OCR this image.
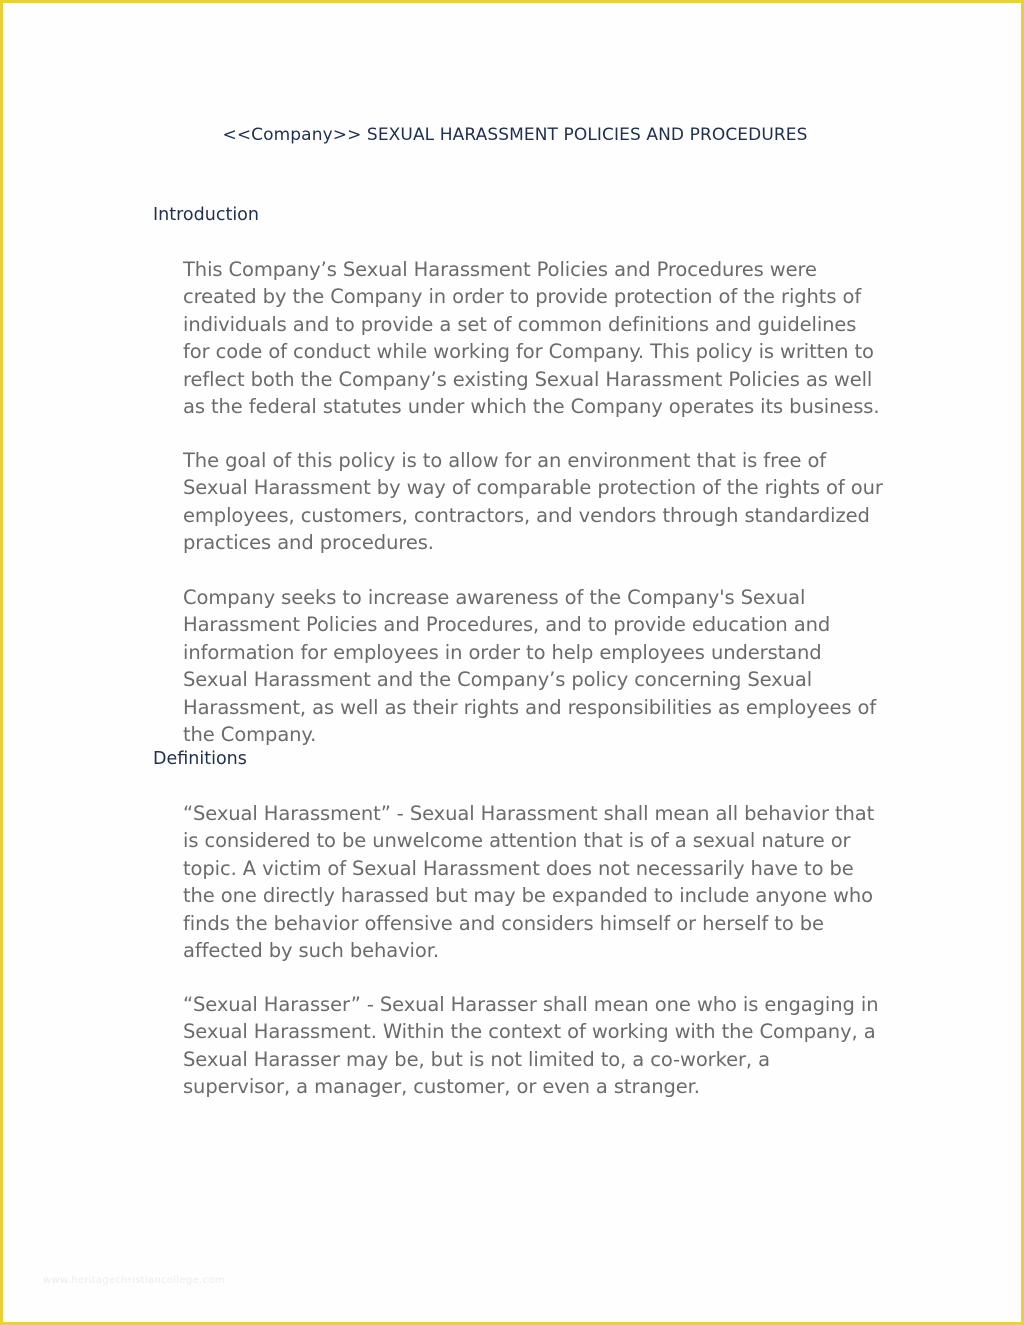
<<Company>> SEXUAL HARASSMENT POLICIES AND PROCEDURES
Introduction

This Company’s Sexual Harassment Policies and Procedures were created by the Company in order to provide protection of the rights of individuals and to provide a set of common definitions and guidelines for code of conduct while working for Company. This policy is written to reflect both the Company’s existing Sexual Harassment Policies as well as the federal statutes under which the Company operates its business.

The goal of this policy is to allow for an environment that is free of Sexual Harassment by way of comparable protection of the rights of our employees, customers, contractors, and vendors through standardized practices and procedures.

Company seeks to increase awareness of the Company's Sexual Harassment Policies and Procedures, and to provide education and information for employees in order to help employees understand Sexual Harassment and the Company’s policy concerning Sexual Harassment, as well as their rights and responsibilities as employees of the Company.

Definitions

“Sexual Harassment” - Sexual Harassment shall mean all behavior that is considered to be unwelcome attention that is of a sexual nature or topic. A victim of Sexual Harassment does not necessarily have to be the one directly harassed but may be expanded to include anyone who finds the behavior offensive and considers himself or herself to be affected by such behavior.

“Sexual Harasser” - Sexual Harasser shall mean one who is engaging in Sexual Harassment. Within the context of working with the Company, a Sexual Harasser may be, but is not limited to, a co-worker, a supervisor, a manager, customer, or even a stranger.

www.heritagechristiancollege.com
